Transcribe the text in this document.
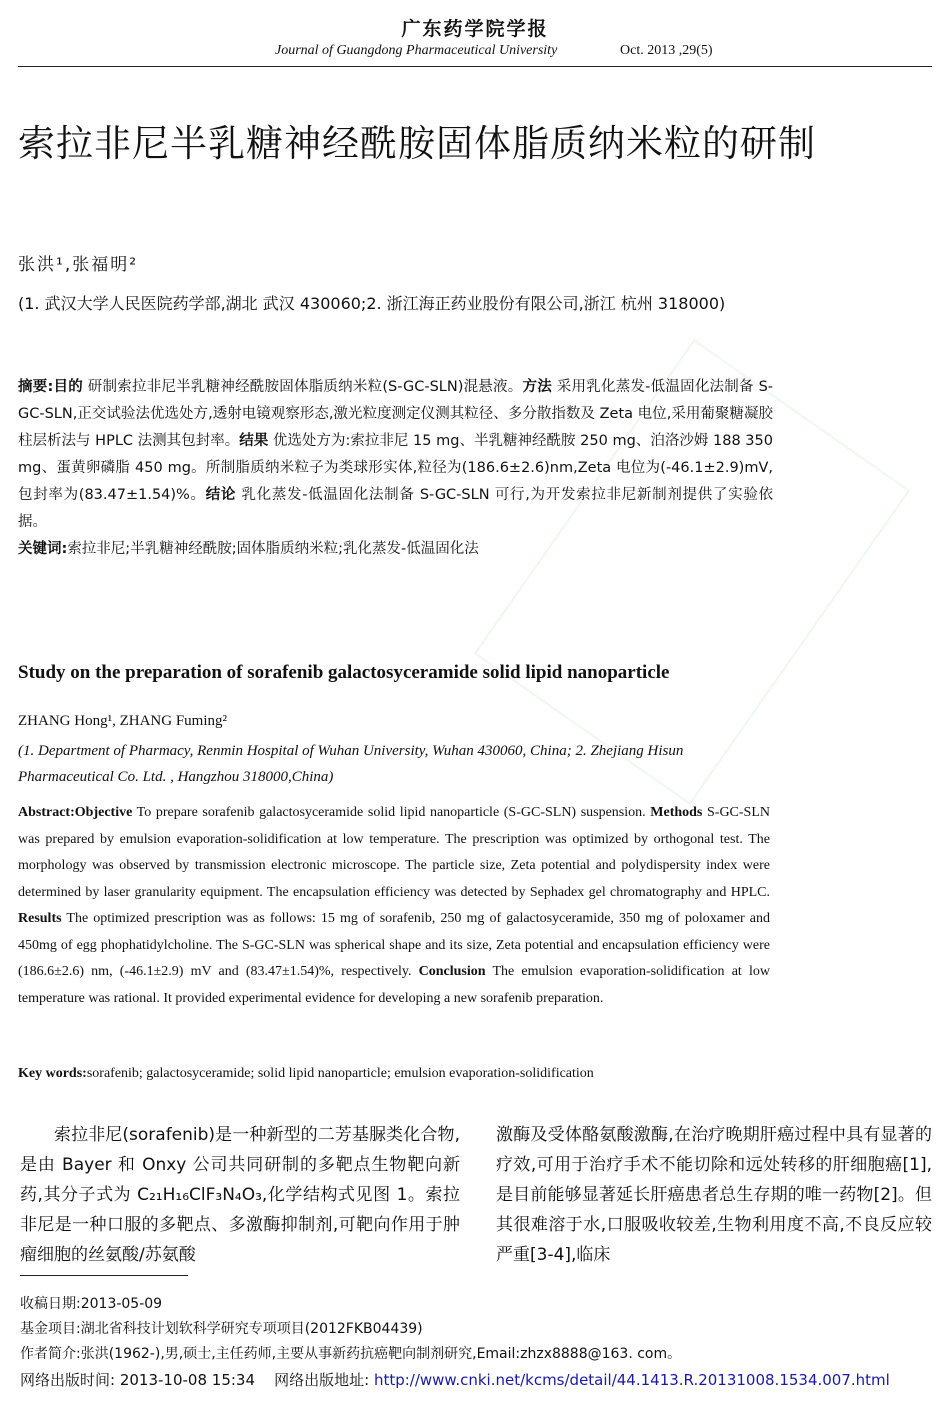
广东药学院学报
Journal of Guangdong Pharmaceutical University	Oct. 2013 ,29(5)
索拉非尼半乳糖神经酰胺固体脂质纳米粒的研制
张洪¹,张福明²
(1. 武汉大学人民医院药学部,湖北 武汉 430060;2. 浙江海正药业股份有限公司,浙江 杭州 318000)
摘要:目的 研制索拉非尼半乳糖神经酰胺固体脂质纳米粒(S-GC-SLN)混悬液。方法 采用乳化蒸发-低温固化法制备 S-GC-SLN,正交试验法优选处方,透射电镜观察形态,激光粒度测定仪测其粒径、多分散指数及 Zeta 电位,采用葡聚糖凝胶柱层析法与 HPLC 法测其包封率。结果 优选处方为:索拉非尼 15 mg、半乳糖神经酰胺 250 mg、泊洛沙姆 188 350 mg、蛋黄卵磷脂 450 mg。所制脂质纳米粒子为类球形实体,粒径为(186.6±2.6)nm,Zeta 电位为(-46.1±2.9)mV,包封率为(83.47±1.54)%。结论 乳化蒸发-低温固化法制备 S-GC-SLN 可行,为开发索拉非尼新制剂提供了实验依据。
关键词:索拉非尼;半乳糖神经酰胺;固体脂质纳米粒;乳化蒸发-低温固化法
Study on the preparation of sorafenib galactosyceramide solid lipid nanoparticle
ZHANG Hong¹, ZHANG Fuming²
(1. Department of Pharmacy, Renmin Hospital of Wuhan University, Wuhan 430060, China; 2. Zhejiang Hisun Pharmaceutical Co. Ltd. , Hangzhou 318000,China)
Abstract:Objective To prepare sorafenib galactosyceramide solid lipid nanoparticle (S-GC-SLN) suspension. Methods S-GC-SLN was prepared by emulsion evaporation-solidification at low temperature. The prescription was optimized by orthogonal test. The morphology was observed by transmission electronic microscope. The particle size, Zeta potential and polydispersity index were determined by laser granularity equipment. The encapsulation efficiency was detected by Sephadex gel chromatography and HPLC. Results The optimized prescription was as follows: 15 mg of sorafenib, 250 mg of galactosyceramide, 350 mg of poloxamer and 450mg of egg phophatidylcholine. The S-GC-SLN was spherical shape and its size, Zeta potential and encapsulation efficiency were (186.6±2.6) nm, (-46.1±2.9) mV and (83.47±1.54)%, respectively. Conclusion The emulsion evaporation-solidification at low temperature was rational. It provided experimental evidence for developing a new sorafenib preparation.
Key words:sorafenib; galactosyceramide; solid lipid nanoparticle; emulsion evaporation-solidification
索拉非尼(sorafenib)是一种新型的二芳基脲类化合物,是由 Bayer 和 Onxy 公司共同研制的多靶点生物靶向新药,其分子式为 C₂₁H₁₆ClF₃N₄O₃,化学结构式见图 1。索拉非尼是一种口服的多靶点、多激酶抑制剂,可靶向作用于肿瘤细胞的丝氨酸/苏氨酸
激酶及受体酪氨酸激酶,在治疗晚期肝癌过程中具有显著的疗效,可用于治疗手术不能切除和远处转移的肝细胞癌[1],是目前能够显著延长肝癌患者总生存期的唯一药物[2]。但其很难溶于水,口服吸收较差,生物利用度不高,不良反应较严重[3-4],临床
收稿日期:2013-05-09
基金项目:湖北省科技计划软科学研究专项项目(2012FKB04439)
作者简介:张洪(1962-),男,硕士,主任药师,主要从事新药抗癌靶向制剂研究,Email:zhzx8888@163. com。
网络出版时间: 2013-10-08 15:34 网络出版地址: http://www.cnki.net/kcms/detail/44.1413.R.20131008.1534.007.html
